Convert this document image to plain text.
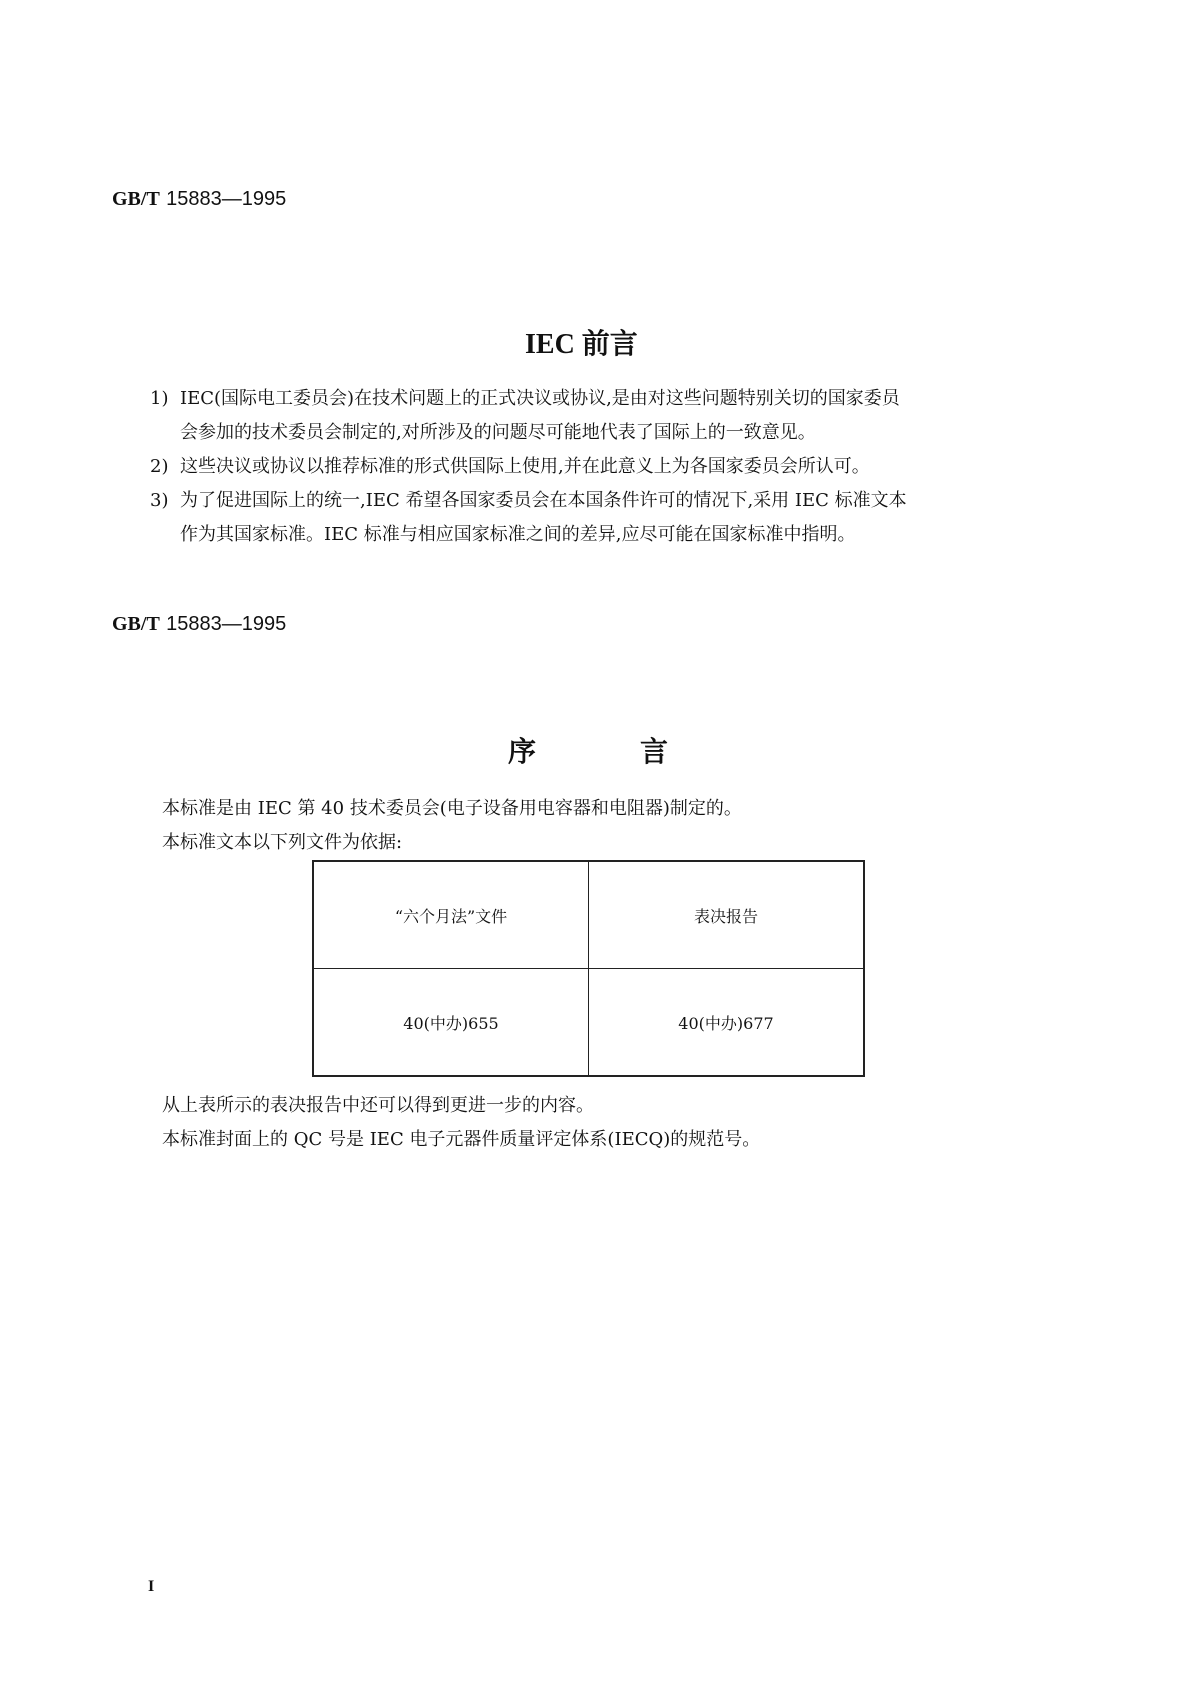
GB/T 15883—1995
IEC 前言
1) IEC(国际电工委员会)在技术问题上的正式决议或协议,是由对这些问题特别关切的国家委员
会参加的技术委员会制定的,对所涉及的问题尽可能地代表了国际上的一致意见。
2) 这些决议或协议以推荐标准的形式供国际上使用,并在此意义上为各国家委员会所认可。
3) 为了促进国际上的统一,IEC 希望各国家委员会在本国条件许可的情况下,采用 IEC 标准文本
作为其国家标准。IEC 标准与相应国家标准之间的差异,应尽可能在国家标准中指明。
GB/T 15883—1995
序	言
本标准是由 IEC 第 40 技术委员会(电子设备用电容器和电阻器)制定的。
本标准文本以下列文件为依据:
“六个月法”文件	表决报告
40(中办)655	40(中办)677
从上表所示的表决报告中还可以得到更进一步的内容。
本标准封面上的 QC 号是 IEC 电子元器件质量评定体系(IECQ)的规范号。
I
